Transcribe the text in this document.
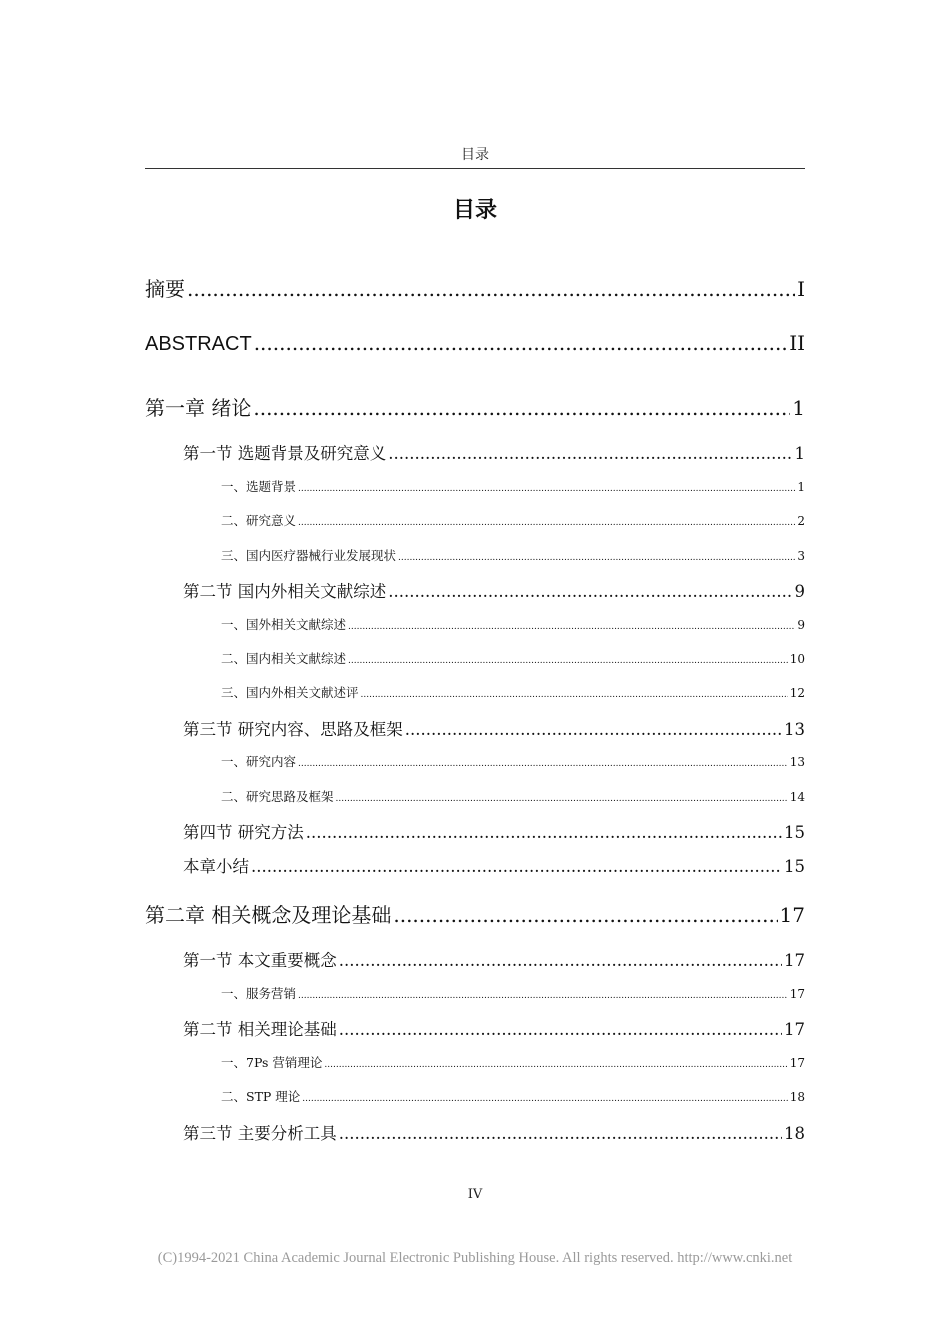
目录
目录
摘要 .....	I
ABSTRACT .....	II
第一章 绪论 .....	1
第一节 选题背景及研究意义 .....	1
一、选题背景 .....	1
二、研究意义 .....	2
三、国内医疗器械行业发展现状 .....	3
第二节 国内外相关文献综述 .....	9
一、国外相关文献综述 .....	9
二、国内相关文献综述 .....	10
三、国内外相关文献述评 .....	12
第三节 研究内容、思路及框架 .....	13
一、研究内容 .....	13
二、研究思路及框架 .....	14
第四节 研究方法 .....	15
本章小结 .....	15
第二章 相关概念及理论基础 .....	17
第一节 本文重要概念 .....	17
一、服务营销 .....	17
第二节 相关理论基础 .....	17
一、7Ps 营销理论 .....	17
二、STP 理论 .....	18
第三节 主要分析工具 .....	18
IV
(C)1994-2021 China Academic Journal Electronic Publishing House. All rights reserved. http://www.cnki.net
